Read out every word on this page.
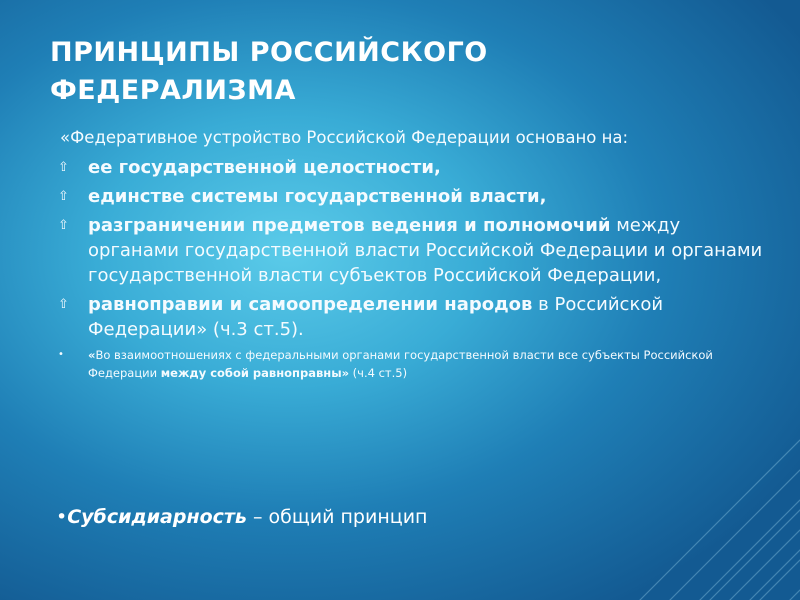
ПРИНЦИПЫ РОССИЙСКОГО
ФЕДЕРАЛИЗМА
«Федеративное устройство Российской Федерации основано на:
⇧ ее государственной целостности,
⇧ единстве системы государственной власти,
⇧ разграничении предметов ведения и полномочий между органами государственной власти Российской Федерации и органами государственной власти субъектов Российской Федерации,
⇧ равноправии и самоопределении народов в Российской Федерации» (ч.3 ст.5).
• «Во взаимоотношениях с федеральными органами государственной власти все субъекты Российской Федерации между собой равноправны» (ч.4 ст.5)
•Субсидиарность – общий принцип
